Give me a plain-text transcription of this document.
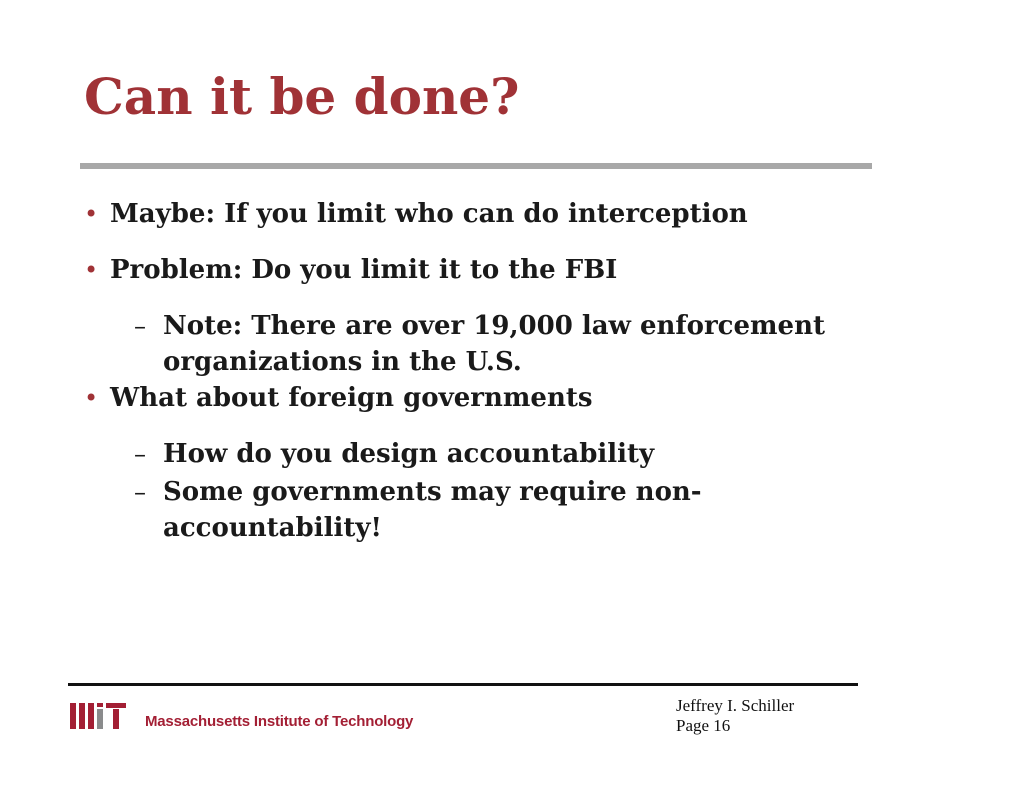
Can it be done?
• Maybe: If you limit who can do interception
• Problem: Do you limit it to the FBI
– Note: There are over 19,000 law enforcement
organizations in the U.S.
• What about foreign governments
– How do you design accountability
– Some governments may require non-
accountability!
Massachusetts Institute of Technology
Jeffrey I. Schiller
Page 16
